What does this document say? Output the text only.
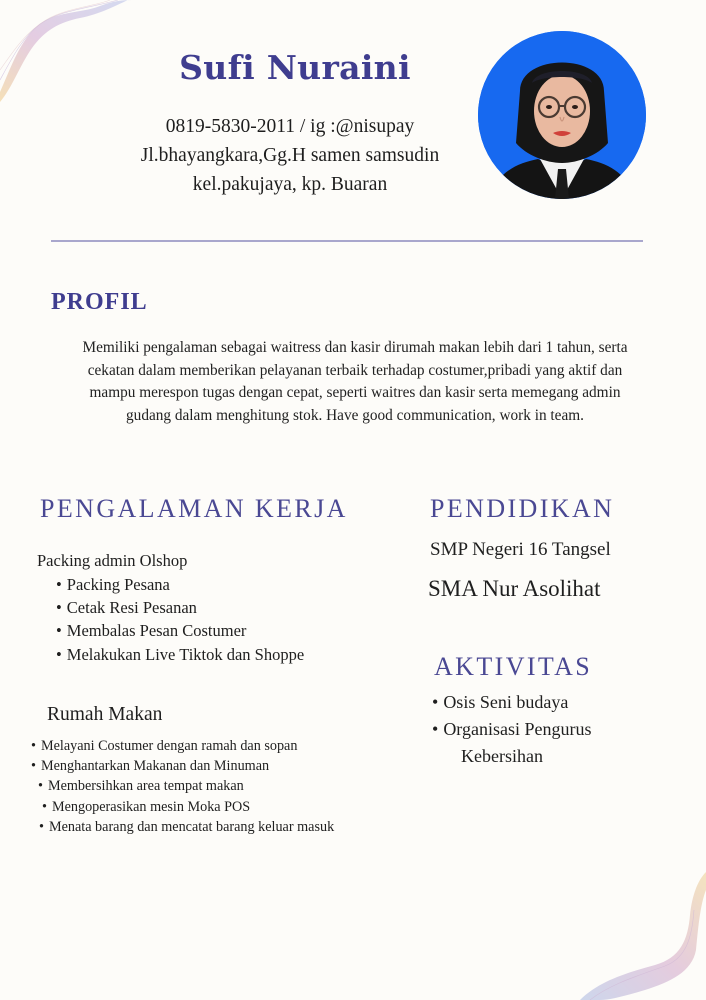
Sufi Nuraini
0819-5830-2011 / ig :@nisupay
Jl.bhayangkara,Gg.H samen samsudin
kel.pakujaya, kp. Buaran
PROFIL
Memiliki pengalaman sebagai waitress dan kasir dirumah makan lebih dari 1 tahun, serta
cekatan dalam memberikan pelayanan terbaik terhadap costumer,pribadi yang aktif dan
mampu merespon tugas dengan cepat, seperti waitres dan kasir serta memegang admin
gudang dalam menghitung stok. Have good communication, work in team.
PENGALAMAN KERJA
Packing admin Olshop
• Packing Pesana
• Cetak Resi Pesanan
• Membalas Pesan Costumer
• Melakukan Live Tiktok dan Shoppe
Rumah Makan
• Melayani Costumer dengan ramah dan sopan
• Menghantarkan Makanan dan Minuman
• Membersihkan area tempat makan
• Mengoperasikan mesin Moka POS
• Menata barang dan mencatat barang keluar masuk
PENDIDIKAN
SMP Negeri 16 Tangsel
SMA Nur Asolihat
AKTIVITAS
• Osis Seni budaya
• Organisasi Pengurus
Kebersihan
